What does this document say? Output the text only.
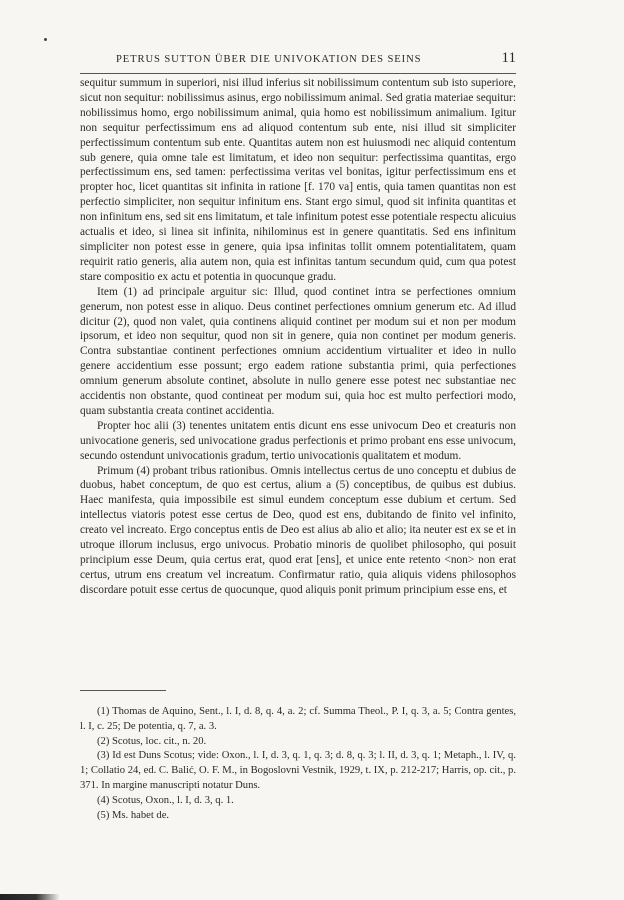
PETRUS SUTTON ÜBER DIE UNIVOKATION DES SEINS	11

sequitur summum in superiori, nisi illud inferius sit nobilissimum contentum sub isto superiore, sicut non sequitur: nobilissimus asinus, ergo nobilissimum animal. Sed gratia materiae sequitur: nobilissimus homo, ergo nobilissimum animal, quia homo est nobilissimum animalium. Igitur non sequitur perfectissimum ens ad aliquod contentum sub ente, nisi illud sit simpliciter perfectissimum contentum sub ente. Quantitas autem non est huiusmodi nec aliquid contentum sub genere, quia omne tale est limitatum, et ideo non sequitur: perfectissima quantitas, ergo perfectissimum ens, sed tamen: perfectissima veritas vel bonitas, igitur perfectissimum ens et propter hoc, licet quantitas sit infinita in ratione [f. 170 va] entis, quia tamen quantitas non est perfectio simpliciter, non sequitur infinitum ens. Stant ergo simul, quod sit infinita quantitas et non infinitum ens, sed sit ens limitatum, et tale infinitum potest esse potentiale respectu alicuius actualis et ideo, si linea sit infinita, nihilominus est in genere quantitatis. Sed ens infinitum simpliciter non potest esse in genere, quia ipsa infinitas tollit omnem potentialitatem, quam requirit ratio generis, alia autem non, quia est infinitas tantum secundum quid, cum qua potest stare compositio ex actu et potentia in quocunque gradu.

Item (1) ad principale arguitur sic: Illud, quod continet intra se perfectiones omnium generum, non potest esse in aliquo. Deus continet perfectiones omnium generum etc. Ad illud dicitur (2), quod non valet, quia continens aliquid continet per modum sui et non per modum ipsorum, et ideo non sequitur, quod non sit in genere, quia non continet per modum generis. Contra substantiae continent perfectiones omnium accidentium virtualiter et ideo in nullo genere accidentium esse possunt; ergo eadem ratione substantia primi, quia perfectiones omnium generum absolute continet, absolute in nullo genere esse potest nec substantiae nec accidentis non obstante, quod contineat per modum sui, quia hoc est multo perfectiori modo, quam substantia creata continet accidentia.

Propter hoc alii (3) tenentes unitatem entis dicunt ens esse univocum Deo et creaturis non univocatione generis, sed univocatione gradus perfectionis et primo probant ens esse univocum, secundo ostendunt univocationis gradum, tertio univocationis qualitatem et modum.

Primum (4) probant tribus rationibus. Omnis intellectus certus de uno conceptu et dubius de duobus, habet conceptum, de quo est certus, alium a (5) conceptibus, de quibus est dubius. Haec manifesta, quia impossibile est simul eundem conceptum esse dubium et certum. Sed intellectus viatoris potest esse certus de Deo, quod est ens, dubitando de finito vel infinito, creato vel increato. Ergo conceptus entis de Deo est alius ab alio et alio; ita neuter est ex se et in utroque illorum inclusus, ergo univocus. Probatio minoris de quolibet philosopho, qui posuit principium esse Deum, quia certus erat, quod erat [ens], et unice ente retento <non> non erat certus, utrum ens creatum vel increatum. Confirmatur ratio, quia aliquis videns philosophos discordare potuit esse certus de quocunque, quod aliquis ponit primum principium esse ens, et

(1) Thomas de Aquino, Sent., l. I, d. 8, q. 4, a. 2; cf. Summa Theol., P. I, q. 3, a. 5; Contra gentes, l. I, c. 25; De potentia, q. 7, a. 3.

(2) Scotus, loc. cit., n. 20.

(3) Id est Duns Scotus; vide: Oxon., l. I, d. 3, q. 1, q. 3; d. 8, q. 3; l. II, d. 3, q. 1; Metaph., l. IV, q. 1; Collatio 24, ed. C. Balić, O. F. M., in Bogoslovni Vestnik, 1929, t. IX, p. 212-217; Harris, op. cit., p. 371. In margine manuscripti notatur Duns.

(4) Scotus, Oxon., l. I, d. 3, q. 1.

(5) Ms. habet de.
